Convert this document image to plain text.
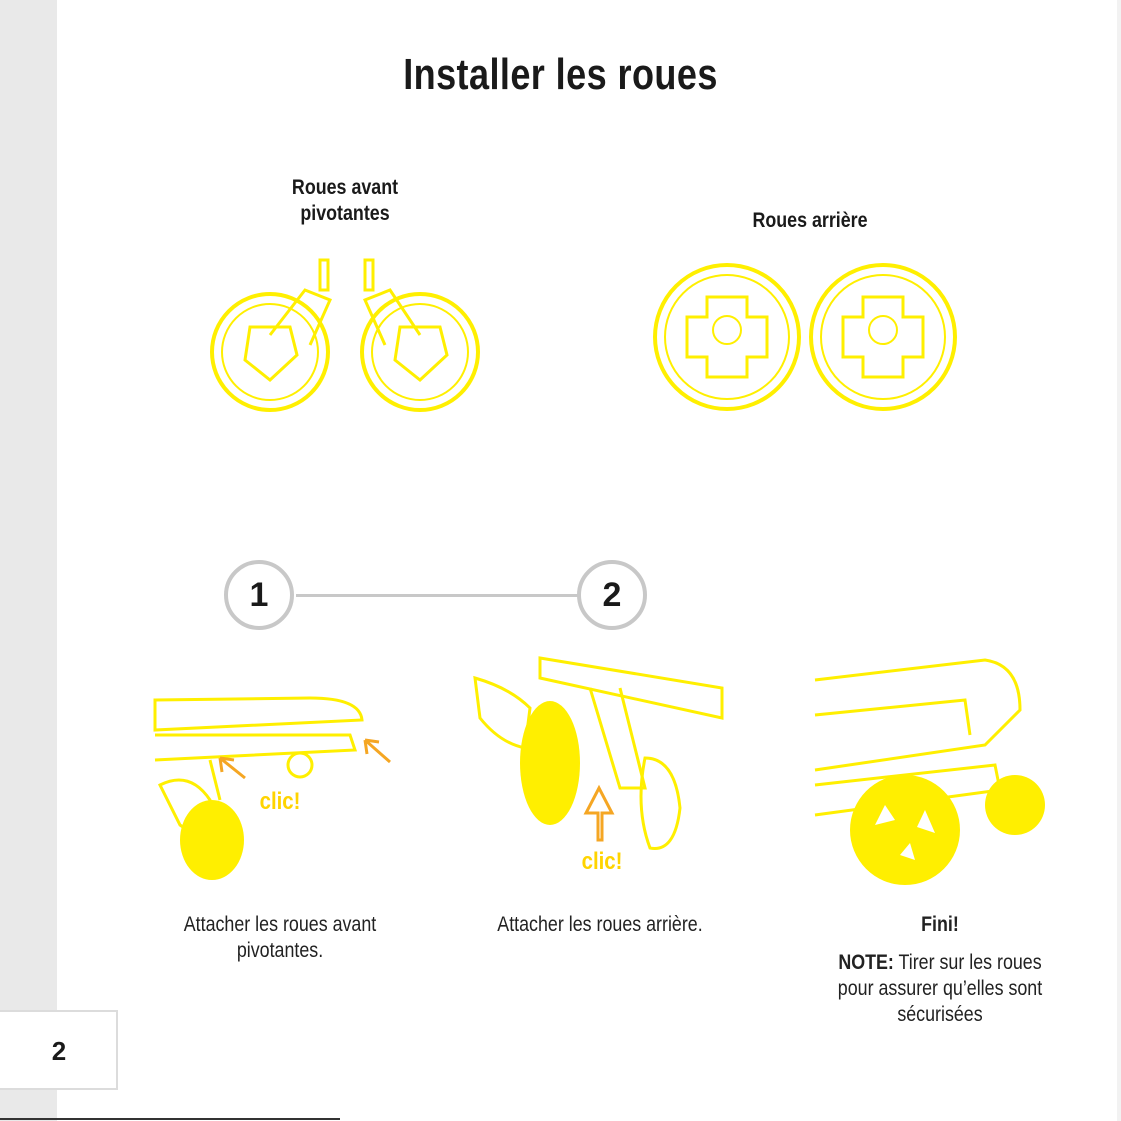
Installer les roues
Roues avant
pivotantes	Roues arrière
1	2
clic!
clic!
Attacher les roues avant
pivotantes.
Attacher les roues arrière.	Fini!
NOTE: Tirer sur les roues
pour assurer qu’elles sont
sécurisées
2
